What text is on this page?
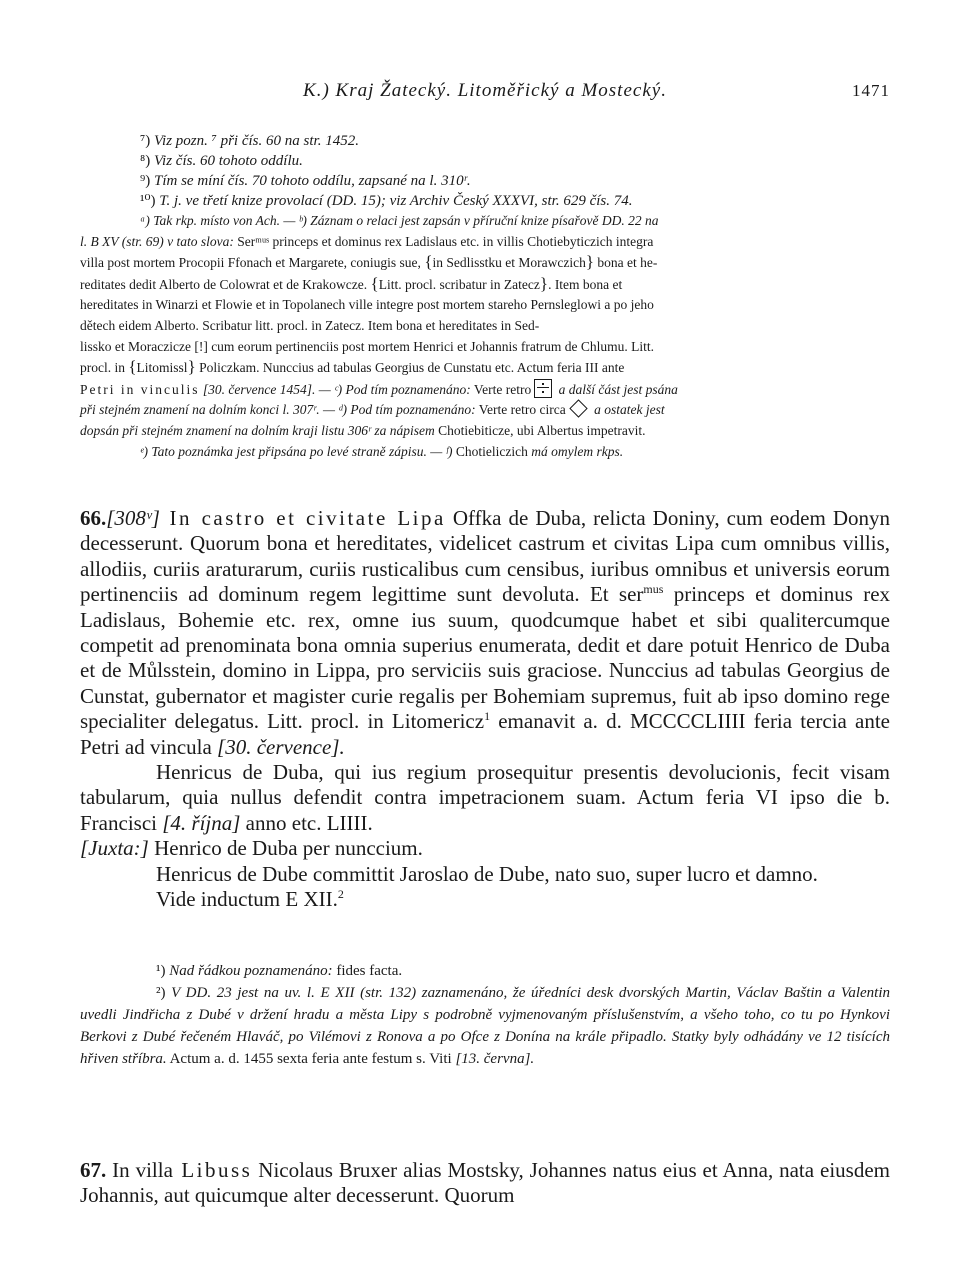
K.) Kraj Žatecký. Litoměřický a Mostecký.	1471

⁷) Viz pozn. ⁷ při čís. 60 na str. 1452.

⁸) Viz čís. 60 tohoto oddílu.

⁹) Tím se míní čís. 70 tohoto oddílu, zapsané na l. 310ʳ.

¹⁰) T. j. ve třetí knize provolací (DD. 15); viz Archiv Český XXXVI, str. 629 čís. 74.

ᵃ) Tak rkp. místo von Ach. — ᵇ) Záznam o relaci jest zapsán v příruční knize písařově DD. 22 na

l. B XV (str. 69) v tato slova: Serᵐᵘˢ princeps et dominus rex Ladislaus etc. in villis Chotiebyticzich integra

villa post mortem Procopii Ffonach et Margarete, coniugis sue, {in Sedlisstku et Morawczich} bona et he-

reditates dedit Alberto de Colowrat et de Krakowcze. {Litt. procl. scribatur in Zatecz}. Item bona et

hereditates in Winarzi et Flowie et in Topolanech ville integre post mortem stareho Pernsleglowi a po jeho

dětech eidem Alberto. Scribatur litt. procl. in Zatecz. Item bona et hereditates in Sed-

lissko et Moraczicze [!] cum eorum pertinenciis post mortem Henrici et Johannis fratrum de Chlumu. Litt.

procl. in {Litomissl} Policzkam. Nunccius ad tabulas Georgius de Cunstatu etc. Actum feria III ante

Petri in vinculis [30. července 1454]. — ᶜ) Pod tím poznamenáno: Verte retro a další část jest psána

při stejném znamení na dolním konci l. 307ʳ. — ᵈ) Pod tím poznamenáno: Verte retro circa a ostatek jest

dopsán při stejném znamení na dolním kraji listu 306ʳ za nápisem Chotiebiticze, ubi Albertus impetravit.

ᵉ) Tato poznámka jest připsána po levé straně zápisu. — ᶠ) Chotieliczich má omylem rkps.

66.[308ᵛ] In castro et civitate Lipa Offka de Duba, relicta Doniny, cum eodem Donyn decesserunt. Quorum bona et hereditates, videlicet castrum et civitas Lipa cum omnibus villis, allodiis, curiis araturarum, curiis rusticalibus cum censibus, iuribus omnibus et universis eorum pertinenciis ad dominum regem legittime sunt devoluta. Et ser$^{mus}$ princeps et dominus rex Ladislaus, Bohemie etc. rex, omne ius suum, quodcumque habet et sibi qualitercumque competit ad prenominata bona omnia superius enumerata, dedit et dare potuit Henrico de Duba et de Můlsstein, domino in Lippa, pro serviciis suis graciose. Nunccius ad tabulas Georgius de Cunstat, gubernator et magister curie regalis per Bohemiam supremus, fuit ab ipso domino rege specialiter delegatus. Litt. procl. in Litomericz$^1$ emanavit a. d. MCCCCLIIII feria tercia ante Petri ad vincula [30. července].

Henricus de Duba, qui ius regium prosequitur presentis devolucionis, fecit visam tabularum, quia nullus defendit contra impetracionem suam. Actum feria VI ipso die b. Francisci [4. října] anno etc. LIIII.

[Juxta:] Henrico de Duba per nunccium.

Henricus de Dube committit Jaroslao de Dube, nato suo, super lucro et damno.

Vide inductum E XII.$^2$

¹) Nad řádkou poznamenáno: fides facta.

²) V DD. 23 jest na uv. l. E XII (str. 132) zaznamenáno, že úředníci desk dvorských Martin, Václav Baštin a Valentin uvedli Jindřicha z Dubé v držení hradu a města Lipy s podrobně vyjmenovaným příslušenstvím, a všeho toho, co tu po Hynkovi Berkovi z Dubé řečeném Hlaváč, po Vilémovi z Ronova a po Ofce z Donína na krále připadlo. Statky byly odhádány ve 12 tisících hřiven stříbra. Actum a. d. 1455 sexta feria ante festum s. Viti [13. června].

67. In villa Libuss Nicolaus Bruxer alias Mostsky, Johannes natus eius et Anna, nata eiusdem Johannis, aut quicumque alter decesserunt. Quorum
